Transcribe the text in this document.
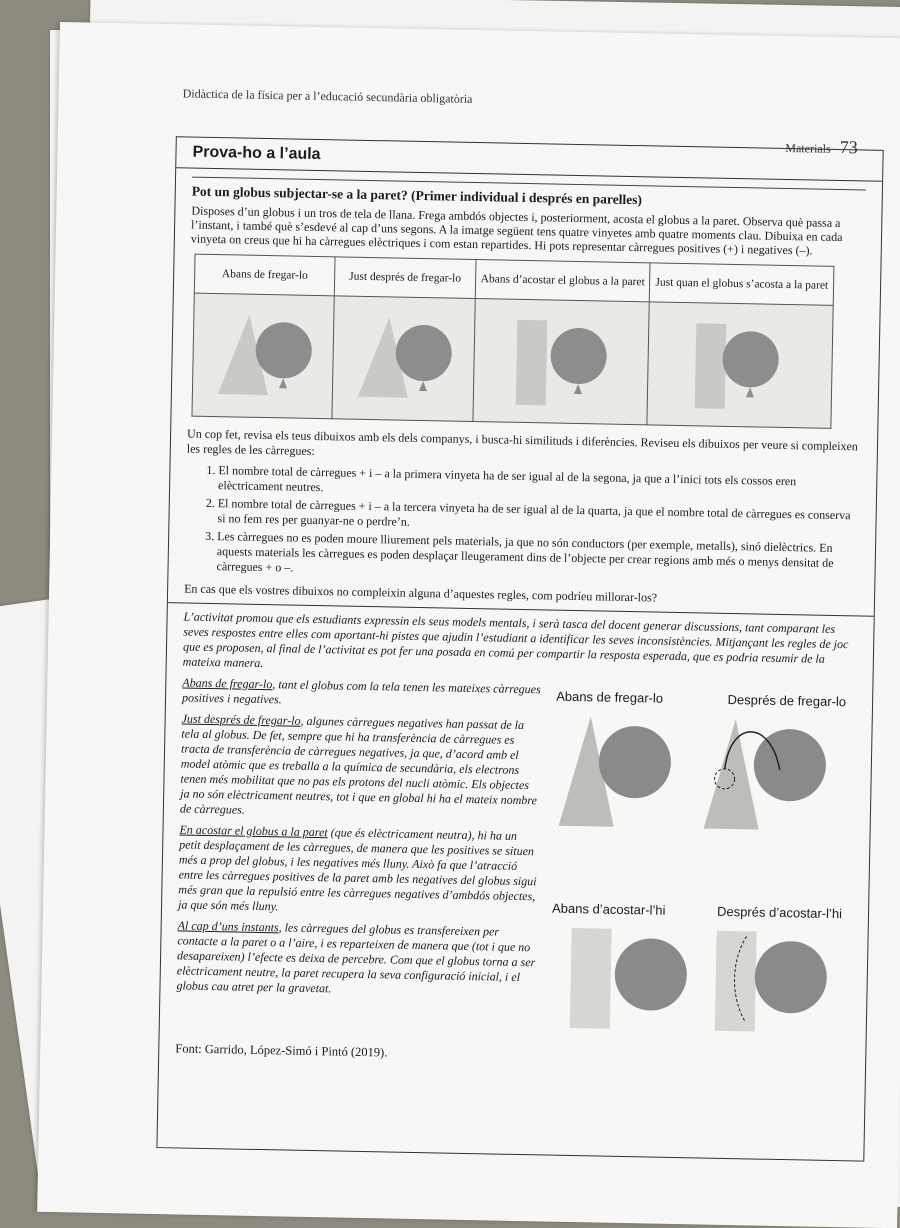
Didàctica de la física per a l’educació secundària obligatòria
Materials 73
Prova-ho a l’aula
Pot un globus subjectar-se a la paret? (Primer individual i després en parelles)

Disposes d’un globus i un tros de tela de llana. Frega ambdós objectes i, posteriorment, acosta el globus a la paret. Observa què passa a l’instant, i també què s’esdevé al cap d’uns segons. A la imatge següent tens quatre vinyetes amb quatre moments clau. Dibuixa en cada vinyeta on creus que hi ha càrregues elèctriques i com estan repartides. Hi pots representar càrregues positives (+) i negatives (–).

Abans de fregar-lo	Just després de fregar-lo	Abans d’acostar el globus a la paret	Just quan el globus s’acosta a la paret

Un cop fet, revisa els teus dibuixos amb els dels companys, i busca-hi similituds i diferències. Reviseu els dibuixos per veure si compleixen les regles de les càrregues:

1. El nombre total de càrregues + i – a la primera vinyeta ha de ser igual al de la segona, ja que a l’inici tots els cossos eren elèctricament neutres.
2. El nombre total de càrregues + i – a la tercera vinyeta ha de ser igual al de la quarta, ja que el nombre total de càrregues es conserva si no fem res per guanyar-ne o perdre’n.
3. Les càrregues no es poden moure lliurement pels materials, ja que no són conductors (per exemple, metalls), sinó dielèctrics. En aquests materials les càrregues es poden desplaçar lleugerament dins de l’objecte per crear regions amb més o menys densitat de càrregues + o –.

En cas que els vostres dibuixos no compleixin alguna d’aquestes regles, com podríeu millorar-los?

L’activitat promou que els estudiants expressin els seus models mentals, i serà tasca del docent generar discussions, tant comparant les seves respostes entre elles com aportant-hi pistes que ajudin l’estudiant a identificar les seves inconsistències. Mitjançant les regles de joc que es proposen, al final de l’activitat es pot fer una posada en comú per compartir la resposta esperada, que es podria resumir de la mateixa manera.

Abans de fregar-lo, tant el globus com la tela tenen les mateixes càrregues positives i negatives.

Just després de fregar-lo, algunes càrregues negatives han passat de la tela al globus. De fet, sempre que hi ha transferència de càrregues es tracta de transferència de càrregues negatives, ja que, d’acord amb el model atòmic que es treballa a la química de secundària, els electrons tenen més mobilitat que no pas els protons del nucli atòmic. Els objectes ja no són elèctricament neutres, tot i que en global hi ha el mateix nombre de càrregues.

En acostar el globus a la paret (que és elèctricament neutra), hi ha un petit desplaçament de les càrregues, de manera que les positives se situen més a prop del globus, i les negatives més lluny. Això fa que l’atracció entre les càrregues positives de la paret amb les negatives del globus sigui més gran que la repulsió entre les càrregues negatives d’ambdós objectes, ja que són més lluny.

Al cap d’uns instants, les càrregues del globus es transfereixen per contacte a la paret o a l’aire, i es reparteixen de manera que (tot i que no desapareixen) l’efecte es deixa de percebre. Com que el globus torna a ser elèctricament neutre, la paret recupera la seva configuració inicial, i el globus cau atret per la gravetat.

Abans de fregar-lo	Després de fregar-lo
Abans d’acostar-l’hi	Després d’acostar-l’hi

Font: Garrido, López-Simó i Pintó (2019).
